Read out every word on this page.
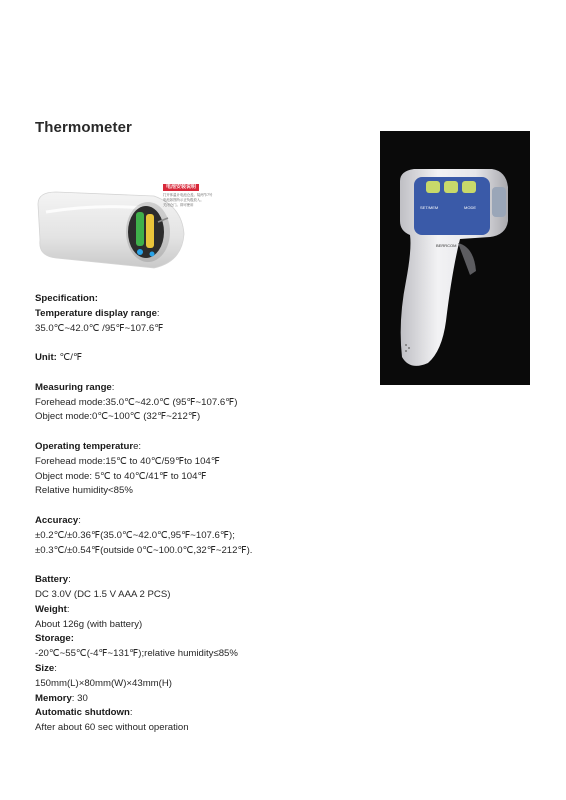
Thermometer
电池安装说明

打开体温计电池仓盖。装两节7号

电池如图所示正负极放入。

关闭仓门。即可使用	SET/MEM	MODE
BERRCOM
Specification:
Temperature display range:
35.0℃~42.0℃ /95℉~107.6℉
Unit: ℃/℉
Measuring range:
Forehead mode:35.0℃~42.0℃ (95℉~107.6℉)
Object mode:0℃~100℃ (32℉~212℉)
Operating temperature:
Forehead mode:15℃ to 40℃/59℉to 104℉
Object mode: 5℃ to 40℃/41℉ to 104℉
Relative humidity<85%
Accuracy:
±0.2℃/±0.36℉(35.0℃~42.0℃,95℉~107.6℉);
±0.3℃/±0.54℉(outside 0℃~100.0℃,32℉~212℉).
Battery:
DC 3.0V (DC 1.5 V AAA 2 PCS)
Weight:
About 126g (with battery)
Storage:
-20℃~55℃(-4℉~131℉);relative humidity≤85%
Size:
150mm(L)×80mm(W)×43mm(H)
Memory: 30
Automatic shutdown:
After about 60 sec without operation
